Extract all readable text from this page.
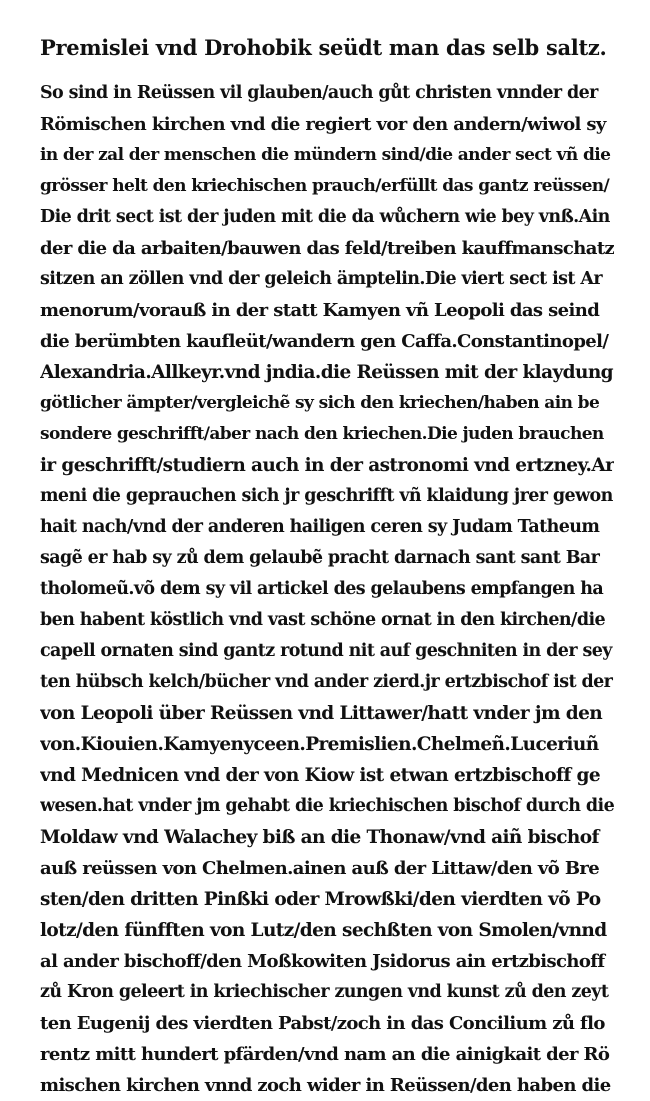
Premislei vnd Drohobik seüdt man das selb saltz.
So sind in Reüssen vil glauben/auch gůt christen vnnder der
Römischen kirchen vnd die regiert vor den andern/wiwol sy
in der zal der menschen die mündern sind/die ander sect vñ die
grösser helt den kriechischen prauch/erfüllt das gantz reüssen/
Die drit sect ist der juden mit die da wůchern wie bey vnß.Ain
der die da arbaiten/bauwen das feld/treiben kauffmanschatz
sitzen an zöllen vnd der geleich ämptelin.Die viert sect ist Ar
menorum/vorauß in der statt Kamyen vñ Leopoli das seind
die berümbten kaufleüt/wandern gen Caffa.Constantinopel/
Alexandria.Allkeyr.vnd jndia.die Reüssen mit der klaydung
götlicher ämpter/vergleichẽ sy sich den kriechen/haben ain be
sondere geschrifft/aber nach den kriechen.Die juden brauchen
ir geschrifft/studiern auch in der astronomi vnd ertzney.Ar
meni die geprauchen sich jr geschrifft vñ klaidung jrer gewon
hait nach/vnd der anderen hailigen ceren sy Judam Tatheum
sagẽ er hab sy zů dem gelaubẽ pracht darnach sant sant Bar
tholomeũ.võ dem sy vil artickel des gelaubens empfangen ha
ben habent köstlich vnd vast schöne ornat in den kirchen/die
capell ornaten sind gantz rotund nit auf geschniten in der sey
ten hübsch kelch/bücher vnd ander zierd.jr ertzbischof ist der
von Leopoli über Reüssen vnd Littawer/hatt vnder jm den
von.Kiouien.Kamyenyceen.Premislien.Chelmeñ.Luceriuñ
vnd Mednicen vnd der von Kiow ist etwan ertzbischoff ge
wesen.hat vnder jm gehabt die kriechischen bischof durch die
Moldaw vnd Walachey biß an die Thonaw/vnd aiñ bischof
auß reüssen von Chelmen.ainen auß der Littaw/den võ Bre
sten/den dritten Pinßki oder Mrowßki/den vierdten võ Po
lotz/den fünfften von Lutz/den sechßten von Smolen/vnnd
al ander bischoff/den Moßkowiten Jsidorus ain ertzbischoff
zů Kron geleert in kriechischer zungen vnd kunst zů den zeyt
ten Eugenij des vierdten Pabst/zoch in das Concilium zů flo
rentz mitt hundert pfärden/vnd nam an die ainigkait der Rö
mischen kirchen vnnd zoch wider in Reüssen/den haben die
